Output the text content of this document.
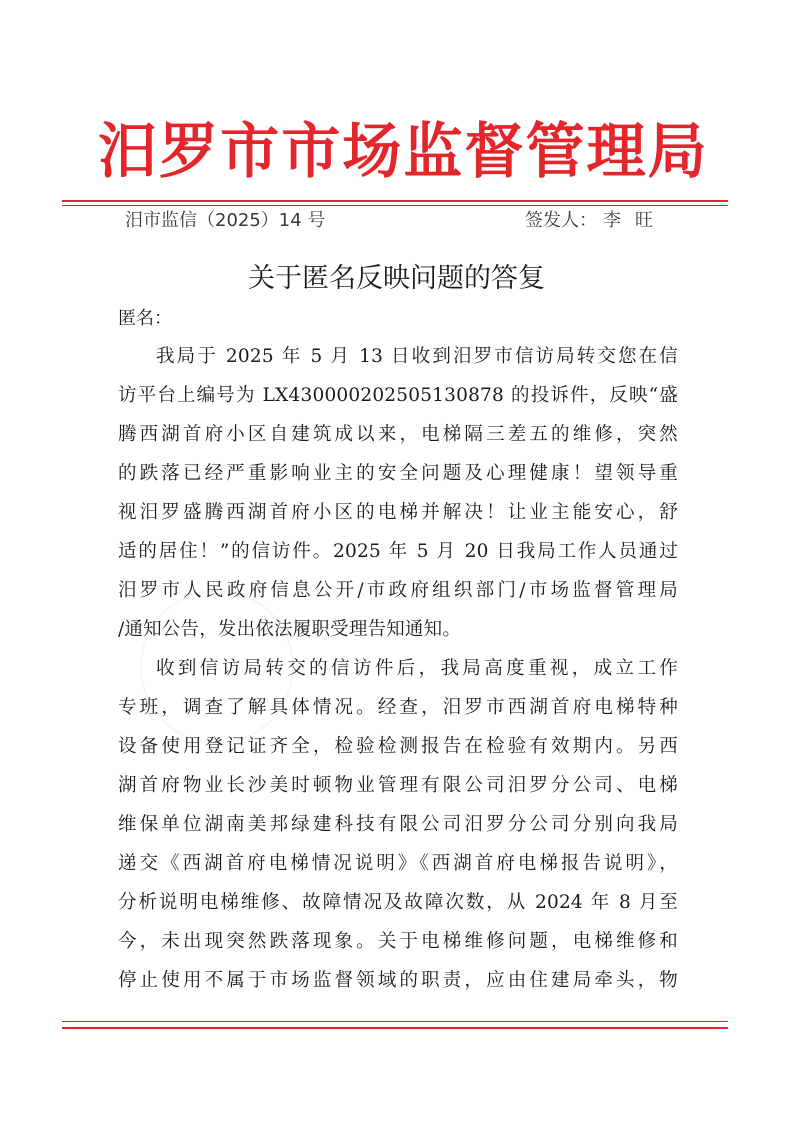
汨罗市市场监督管理局
汨市监信（2025）14 号	签发人： 李旺
关于匿名反映问题的答复
匿名：
我局于 2025 年 5 月 13 日收到汨罗市信访局转交您在信
访平台上编号为 LX430000202505130878 的投诉件，反映“盛
腾西湖首府小区自建筑成以来，电梯隔三差五的维修，突然
的跌落已经严重影响业主的安全问题及心理健康！望领导重
视汨罗盛腾西湖首府小区的电梯并解决！让业主能安心，舒
适的居住！”的信访件。2025 年 5 月 20 日我局工作人员通过
汨罗市人民政府信息公开/市政府组织部门/市场监督管理局
/通知公告，发出依法履职受理告知通知。
收到信访局转交的信访件后，我局高度重视，成立工作
专班，调查了解具体情况。经查，汨罗市西湖首府电梯特种
设备使用登记证齐全，检验检测报告在检验有效期内。另西
湖首府物业长沙美时顿物业管理有限公司汨罗分公司、电梯
维保单位湖南美邦绿建科技有限公司汨罗分公司分别向我局
递交《西湖首府电梯情况说明》《西湖首府电梯报告说明》，
分析说明电梯维修、故障情况及故障次数，从 2024 年 8 月至
今，未出现突然跌落现象。关于电梯维修问题，电梯维修和
停止使用不属于市场监督领域的职责，应由住建局牵头，物
